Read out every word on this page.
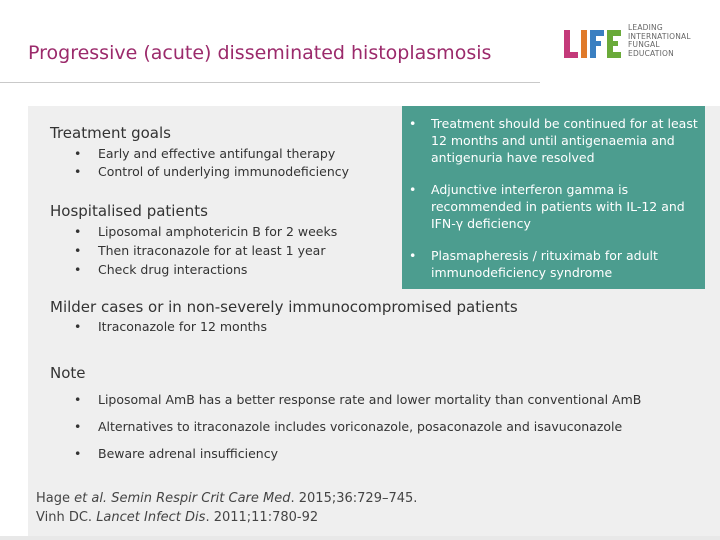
Progressive (acute) disseminated histoplasmosis
LEADING
INTERNATIONAL
FUNGAL
EDUCATION
Treatment goals
• Early and effective antifungal therapy
• Control of underlying immunodeficiency
Hospitalised patients
• Liposomal amphotericin B for 2 weeks
• Then itraconazole for at least 1 year
• Check drug interactions
• Treatment should be continued for at least 12 months and until antigenaemia and antigenuria have resolved
• Adjunctive interferon gamma is recommended in patients with IL-12 and IFN-γ deficiency
• Plasmapheresis / rituximab for adult immunodeficiency syndrome
Milder cases or in non-severely immunocompromised patients
• Itraconazole for 12 months
Note
• Liposomal AmB has a better response rate and lower mortality than conventional AmB
• Alternatives to itraconazole includes voriconazole, posaconazole and isavuconazole
• Beware adrenal insufficiency
Hage et al. Semin Respir Crit Care Med. 2015;36:729–745.
Vinh DC. Lancet Infect Dis. 2011;11:780-92
